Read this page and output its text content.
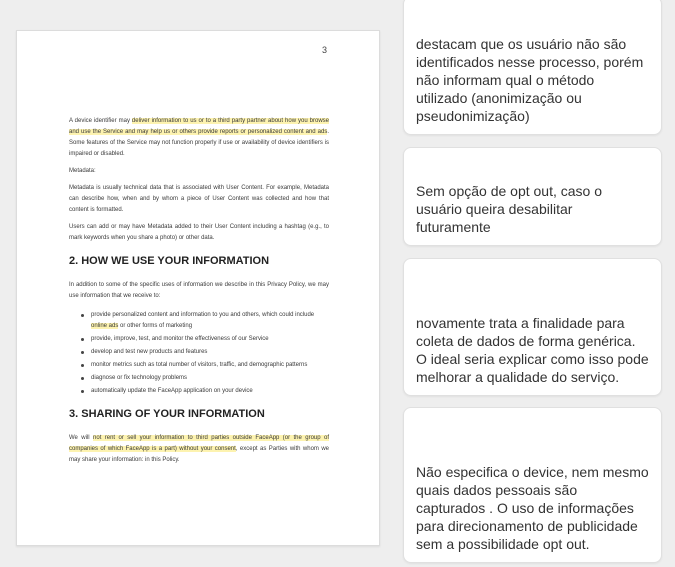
3

A device identifier may deliver information to us or to a third party partner about how you browse and use the Service and may help us or others provide reports or personalized content and ads. Some features of the Service may not function properly if use or availability of device identifiers is impaired or disabled.

Metadata:

Metadata is usually technical data that is associated with User Content. For example, Metadata can describe how, when and by whom a piece of User Content was collected and how that content is formatted.

Users can add or may have Metadata added to their User Content including a hashtag (e.g., to mark keywords when you share a photo) or other data.

2. HOW WE USE YOUR INFORMATION

In addition to some of the specific uses of information we describe in this Privacy Policy, we may use information that we receive to:

provide personalized content and information to you and others, which could include online ads or other forms of marketing
provide, improve, test, and monitor the effectiveness of our Service
develop and test new products and features
monitor metrics such as total number of visitors, traffic, and demographic patterns
diagnose or fix technology problems
automatically update the FaceApp application on your device
3. SHARING OF YOUR INFORMATION

We will not rent or sell your information to third parties outside FaceApp (or the group of companies of which FaceApp is a part) without your consent, except as Parties with whom we may share your information: in this Policy.

destacam que os usuário não são identificados nesse processo, porém não informam qual o método utilizado (anonimização ou pseudonimização)

Sem opção de opt out, caso o usuário queira desabilitar futuramente

novamente trata a finalidade para coleta de dados de forma genérica. O ideal seria explicar como isso pode melhorar a qualidade do serviço.

Não especifica o device, nem mesmo quais dados pessoais são capturados . O uso de informações para direcionamento de publicidade sem a possibilidade opt out.
